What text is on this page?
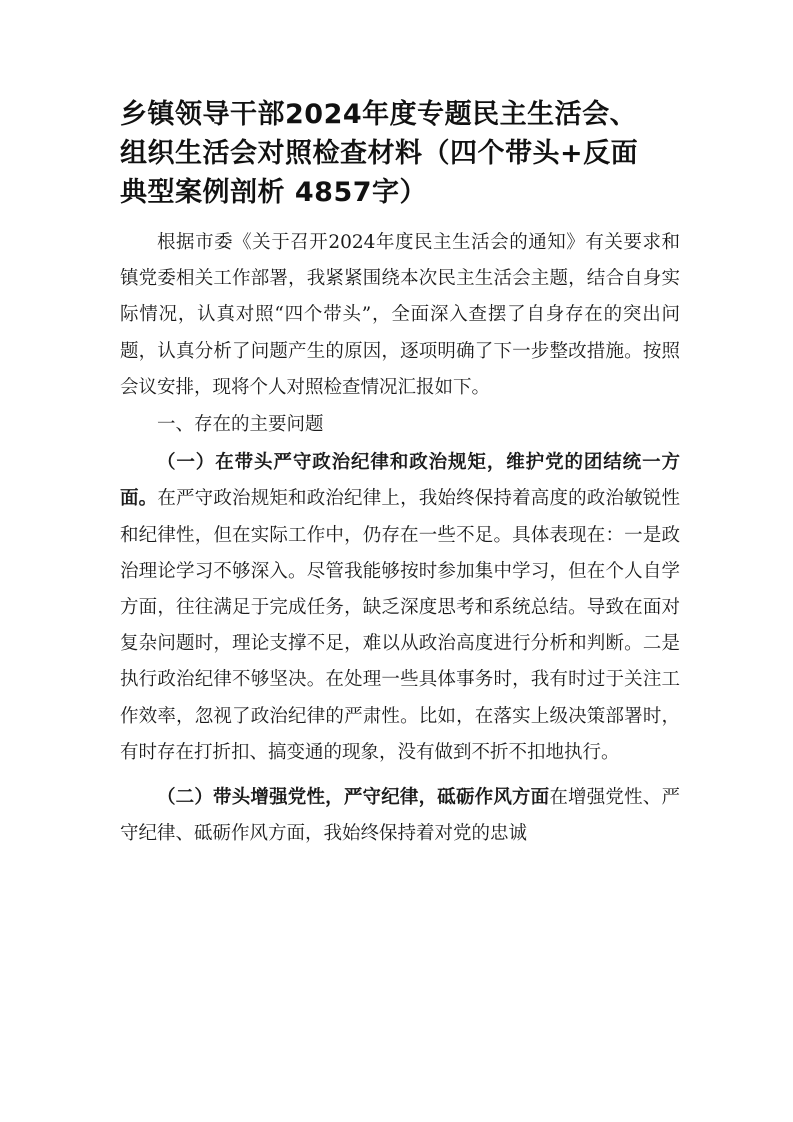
乡镇领导干部2024年度专题民主生活会、
组织生活会对照检查材料（四个带头+反面
典型案例剖析 4857字）

根据市委《关于召开2024年度民主生活会的通知》有关要求和镇党委相关工作部署，我紧紧围绕本次民主生活会主题，结合自身实际情况，认真对照“四个带头”，全面深入查摆了自身存在的突出问题，认真分析了问题产生的原因，逐项明确了下一步整改措施。按照会议安排，现将个人对照检查情况汇报如下。

一、存在的主要问题

（一）在带头严守政治纪律和政治规矩，维护党的团结统一方面。在严守政治规矩和政治纪律上，我始终保持着高度的政治敏锐性和纪律性，但在实际工作中，仍存在一些不足。具体表现在：一是政治理论学习不够深入。尽管我能够按时参加集中学习，但在个人自学方面，往往满足于完成任务，缺乏深度思考和系统总结。导致在面对复杂问题时，理论支撑不足，难以从政治高度进行分析和判断。二是执行政治纪律不够坚决。在处理一些具体事务时，我有时过于关注工作效率，忽视了政治纪律的严肃性。比如，在落实上级决策部署时，有时存在打折扣、搞变通的现象，没有做到不折不扣地执行。

（二）带头增强党性，严守纪律，砥砺作风方面在增强党性、严守纪律、砥砺作风方面，我始终保持着对党的忠诚
